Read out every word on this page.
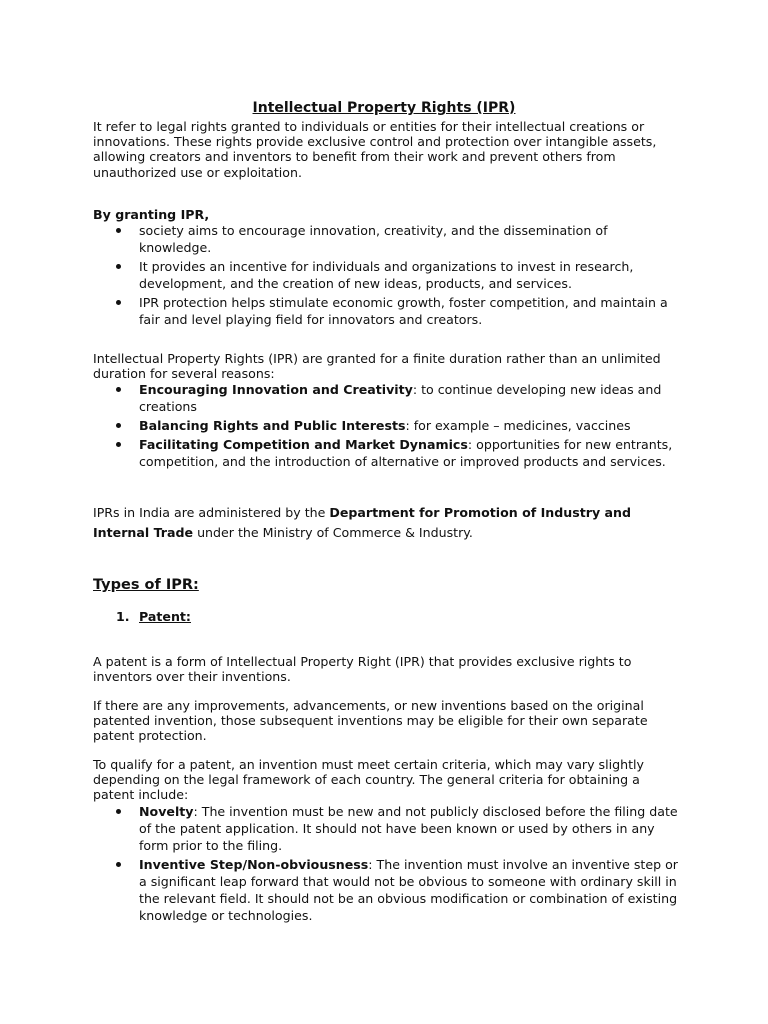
Intellectual Property Rights (IPR)

It refer to legal rights granted to individuals or entities for their intellectual creations or innovations. These rights provide exclusive control and protection over intangible assets, allowing creators and inventors to benefit from their work and prevent others from unauthorized use or exploitation.

By granting IPR,
society aims to encourage innovation, creativity, and the dissemination of knowledge.
It provides an incentive for individuals and organizations to invest in research, development, and the creation of new ideas, products, and services.
IPR protection helps stimulate economic growth, foster competition, and maintain a fair and level playing field for innovators and creators.
Intellectual Property Rights (IPR) are granted for a finite duration rather than an unlimited duration for several reasons:
Encouraging Innovation and Creativity: to continue developing new ideas and creations
Balancing Rights and Public Interests: for example – medicines, vaccines
Facilitating Competition and Market Dynamics: opportunities for new entrants, competition, and the introduction of alternative or improved products and services.

IPRs in India are administered by the Department for Promotion of Industry and Internal Trade under the Ministry of Commerce & Industry.

Types of IPR:
1. Patent:

A patent is a form of Intellectual Property Right (IPR) that provides exclusive rights to inventors over their inventions.

If there are any improvements, advancements, or new inventions based on the original patented invention, those subsequent inventions may be eligible for their own separate patent protection.

To qualify for a patent, an invention must meet certain criteria, which may vary slightly depending on the legal framework of each country. The general criteria for obtaining a patent include:
Novelty: The invention must be new and not publicly disclosed before the filing date of the patent application. It should not have been known or used by others in any form prior to the filing.
Inventive Step/Non-obviousness: The invention must involve an inventive step or a significant leap forward that would not be obvious to someone with ordinary skill in the relevant field. It should not be an obvious modification or combination of existing knowledge or technologies.
